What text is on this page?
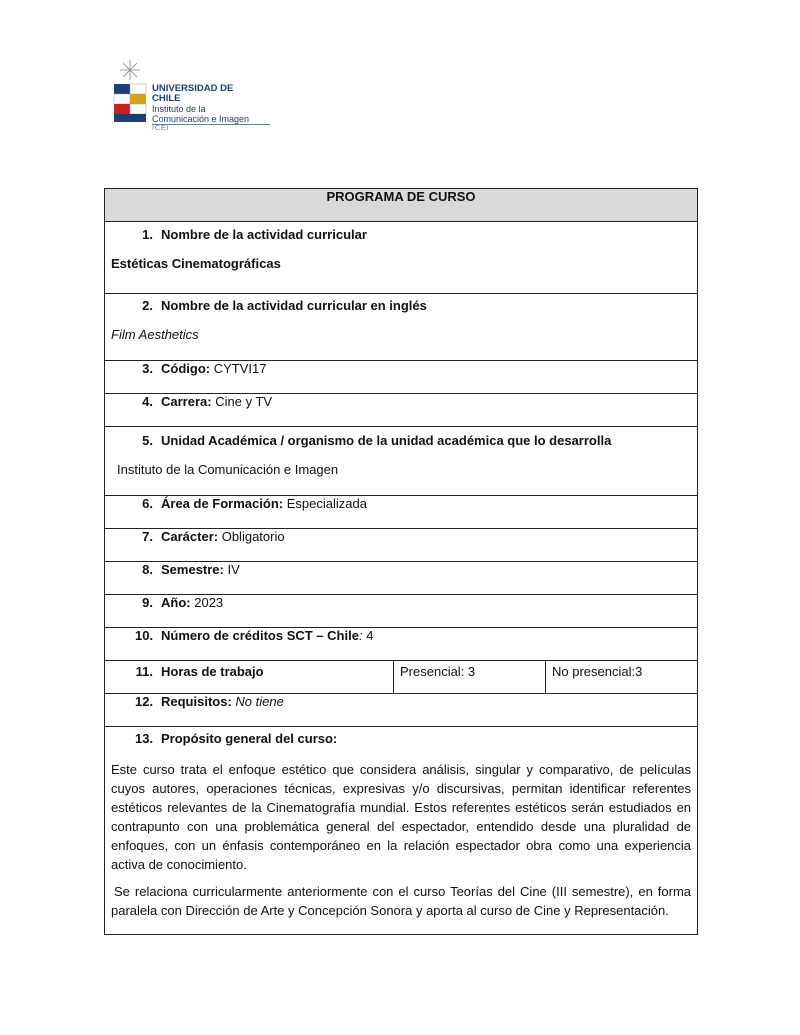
UNIVERSIDAD DE CHILE
Instituto de la
Comunicación e Imagen
ICEI
PROGRAMA DE CURSO
1. Nombre de la actividad curricular
Estéticas Cinematográficas

2. Nombre de la actividad curricular en inglés
Film Aesthetics

3. Código: CYTVI17
4. Carrera: Cine y TV
5. Unidad Académica / organismo de la unidad académica que lo desarrolla
Instituto de la Comunicación e Imagen

6. Área de Formación: Especializada
7. Carácter: Obligatorio
8. Semestre: IV
9. Año: 2023
10. Número de créditos SCT – Chile: 4
11. Horas de trabajo	Presencial: 3	No presencial:3
12. Requisitos: No tiene
13. Propósito general del curso:

Este curso trata el enfoque estético que considera análisis, singular y comparativo, de películas cuyos autores, operaciones técnicas, expresivas y/o discursivas, permitan identificar referentes estéticos relevantes de la Cinematografía mundial. Estos referentes estéticos serán estudiados en contrapunto con una problemática general del espectador, entendido desde una pluralidad de enfoques, con un énfasis contemporáneo en la relación espectador obra como una experiencia activa de conocimiento.

Se relaciona curricularmente anteriormente con el curso Teorías del Cine (III semestre), en forma paralela con Dirección de Arte y Concepción Sonora y aporta al curso de Cine y Representación.
